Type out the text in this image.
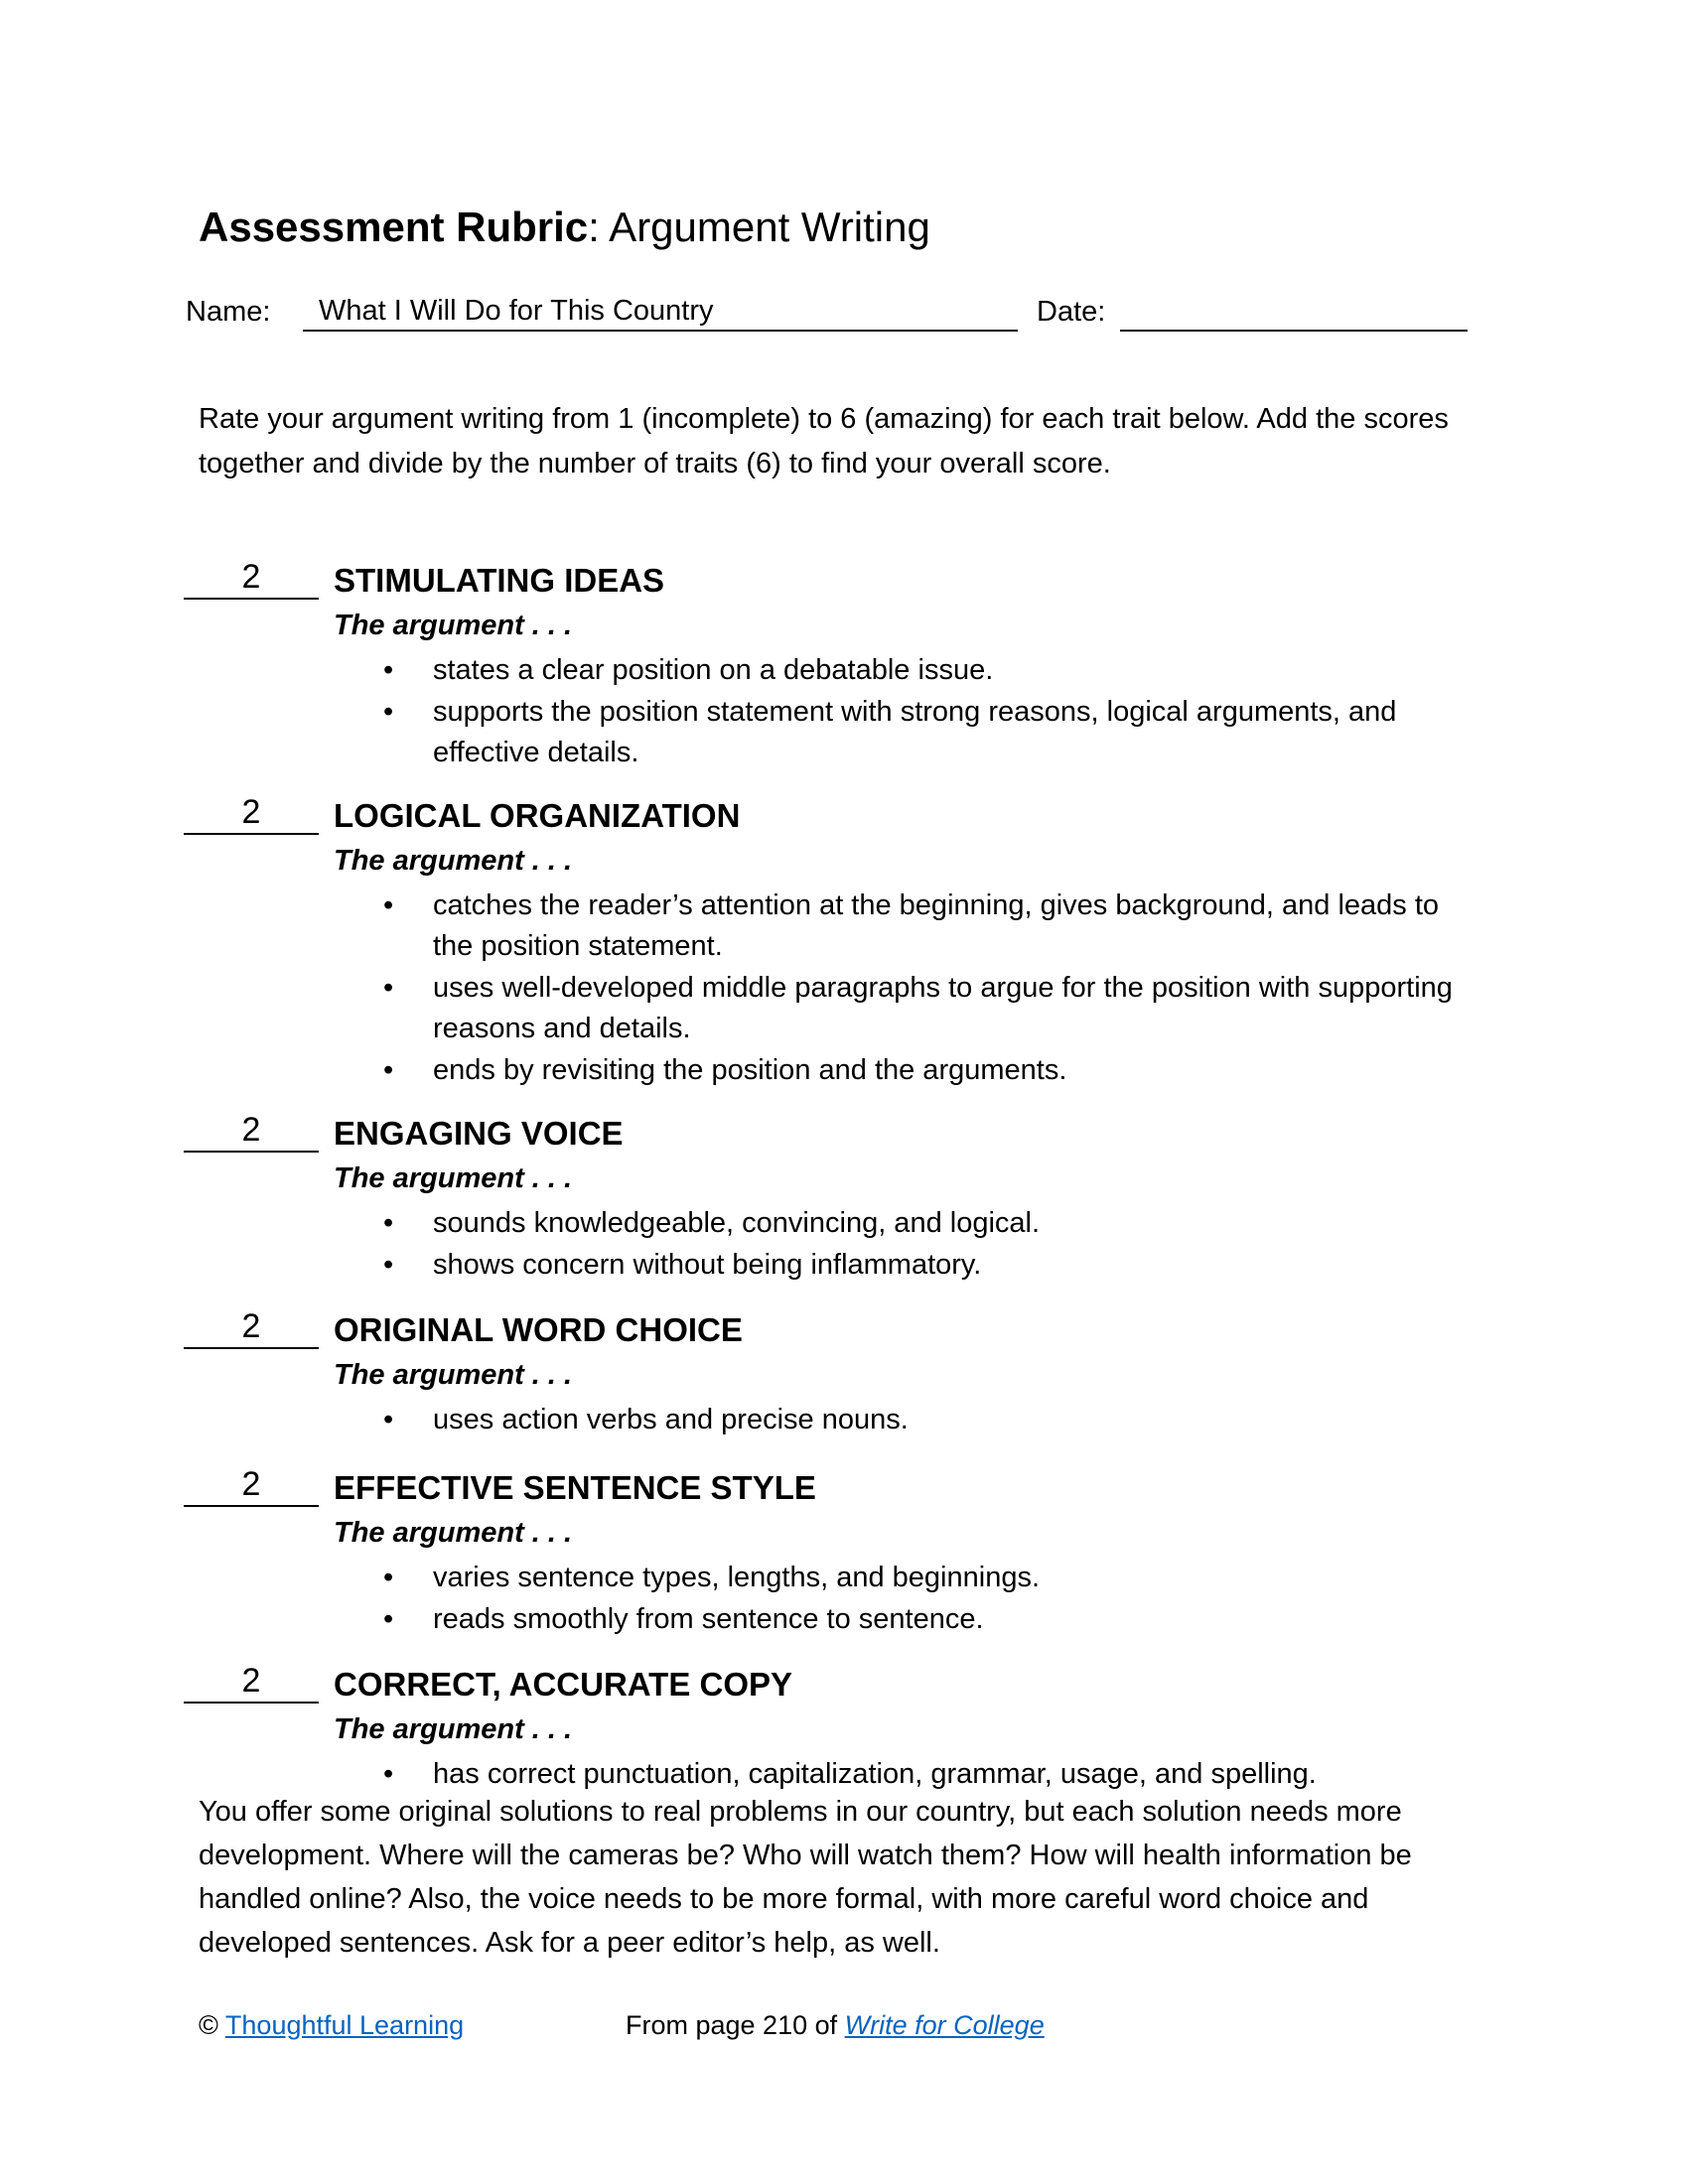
Assessment Rubric: Argument Writing
Name:	What I Will Do for This Country	Date:
Rate your argument writing from 1 (incomplete) to 6 (amazing) for each trait below. Add the scores together and divide by the number of traits (6) to find your overall score.
2	STIMULATING IDEAS
The argument . . .
• states a clear position on a debatable issue.
• supports the position statement with strong reasons, logical arguments, and effective details.
2	LOGICAL ORGANIZATION
The argument . . .
• catches the reader’s attention at the beginning, gives background, and leads to the position statement.
• uses well-developed middle paragraphs to argue for the position with supporting reasons and details.
• ends by revisiting the position and the arguments.
2	ENGAGING VOICE
The argument . . .
• sounds knowledgeable, convincing, and logical.
• shows concern without being inflammatory.
2	ORIGINAL WORD CHOICE
The argument . . .
• uses action verbs and precise nouns.
2	EFFECTIVE SENTENCE STYLE
The argument . . .
• varies sentence types, lengths, and beginnings.
• reads smoothly from sentence to sentence.
2	CORRECT, ACCURATE COPY
The argument . . .
• has correct punctuation, capitalization, grammar, usage, and spelling.
You offer some original solutions to real problems in our country, but each solution needs more development. Where will the cameras be? Who will watch them? How will health information be handled online? Also, the voice needs to be more formal, with more careful word choice and developed sentences. Ask for a peer editor’s help, as well.
© Thoughtful Learning	From page 210 of Write for College
